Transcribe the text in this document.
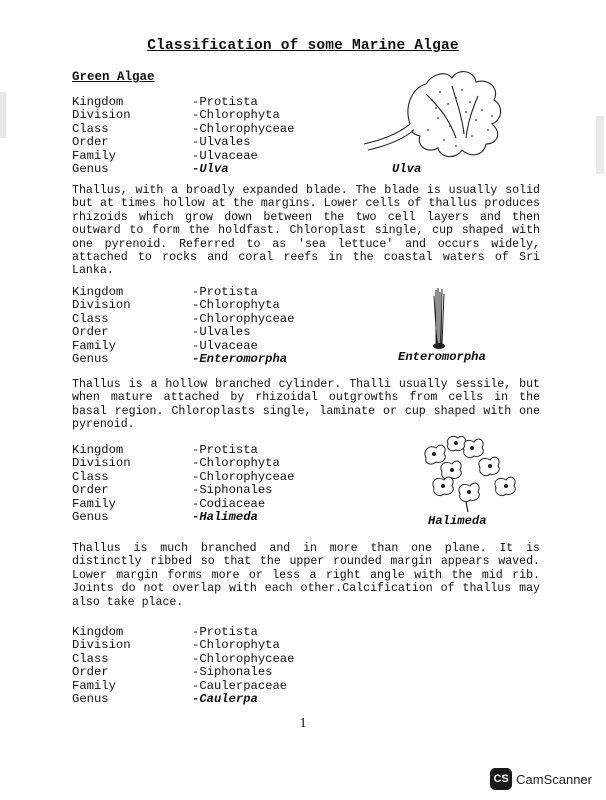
Classification of some Marine Algae
Green Algae
Kingdom	-Protista
Division	-Chlorophyta
Class	-Chlorophyceae
Order	-Ulvales
Family	-Ulvaceae
Genus	-Ulva	Ulva
Thallus, with a broadly expanded blade. The blade is usually solid but at times hollow at the margins. Lower cells of thallus produces rhizoids which grow down between the two cell layers and then outward to form the holdfast. Chloroplast single, cup shaped with one pyrenoid. Referred to as 'sea lettuce' and occurs widely, attached to rocks and coral reefs in the coastal waters of Sri Lanka.
Kingdom	-Protista
Division	-Chlorophyta
Class	-Chlorophyceae
Order	-Ulvales
Family	-Ulvaceae
Genus	-Enteromorpha	Enteromorpha
Thallus is a hollow branched cylinder. Thalli usually sessile, but when mature attached by rhizoidal outgrowths from cells in the basal region. Chloroplasts single, laminate or cup shaped with one pyrenoid.
Kingdom	-Protista
Division	-Chlorophyta
Class	-Chlorophyceae
Order	-Siphonales
Family	-Codiaceae
Genus	-Halimeda	Halimeda
Thallus is much branched and in more than one plane. It is distinctly ribbed so that the upper rounded margin appears waved. Lower margin forms more or less a right angle with the mid rib. Joints do not overlap with each other.Calcification of thallus may also take place.
Kingdom	-Protista
Division	-Chlorophyta
Class	-Chlorophyceae
Order	-Siphonales
Family	-Caulerpaceae
Genus	-Caulerpa
1
CS CamScanner
